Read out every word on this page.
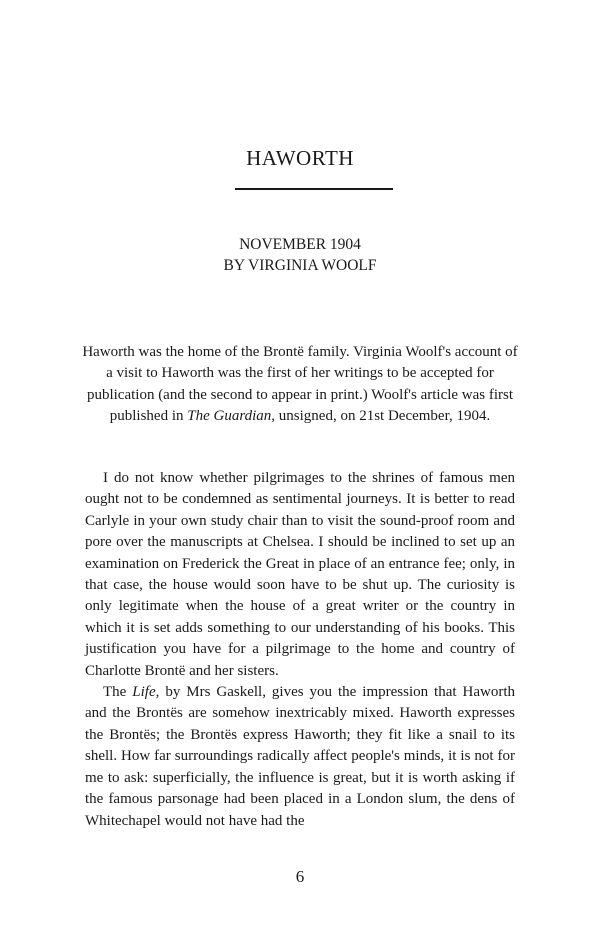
HAWORTH
NOVEMBER 1904
BY VIRGINIA WOOLF
Haworth was the home of the Brontë family. Virginia Woolf's account of a visit to Haworth was the first of her writings to be accepted for publication (and the second to appear in print.) Woolf's article was first published in The Guardian, unsigned, on 21st December, 1904.

I do not know whether pilgrimages to the shrines of famous men ought not to be condemned as sentimental journeys. It is better to read Carlyle in your own study chair than to visit the sound-proof room and pore over the manuscripts at Chelsea. I should be inclined to set up an examination on Frederick the Great in place of an entrance fee; only, in that case, the house would soon have to be shut up. The curiosity is only legitimate when the house of a great writer or the country in which it is set adds something to our understanding of his books. This justification you have for a pilgrimage to the home and country of Charlotte Brontë and her sisters.

The Life, by Mrs Gaskell, gives you the impression that Haworth and the Brontës are somehow inextricably mixed. Haworth expresses the Brontës; the Brontës express Haworth; they fit like a snail to its shell. How far surroundings radically affect people's minds, it is not for me to ask: superficially, the influence is great, but it is worth asking if the famous parsonage had been placed in a London slum, the dens of Whitechapel would not have had the

6
